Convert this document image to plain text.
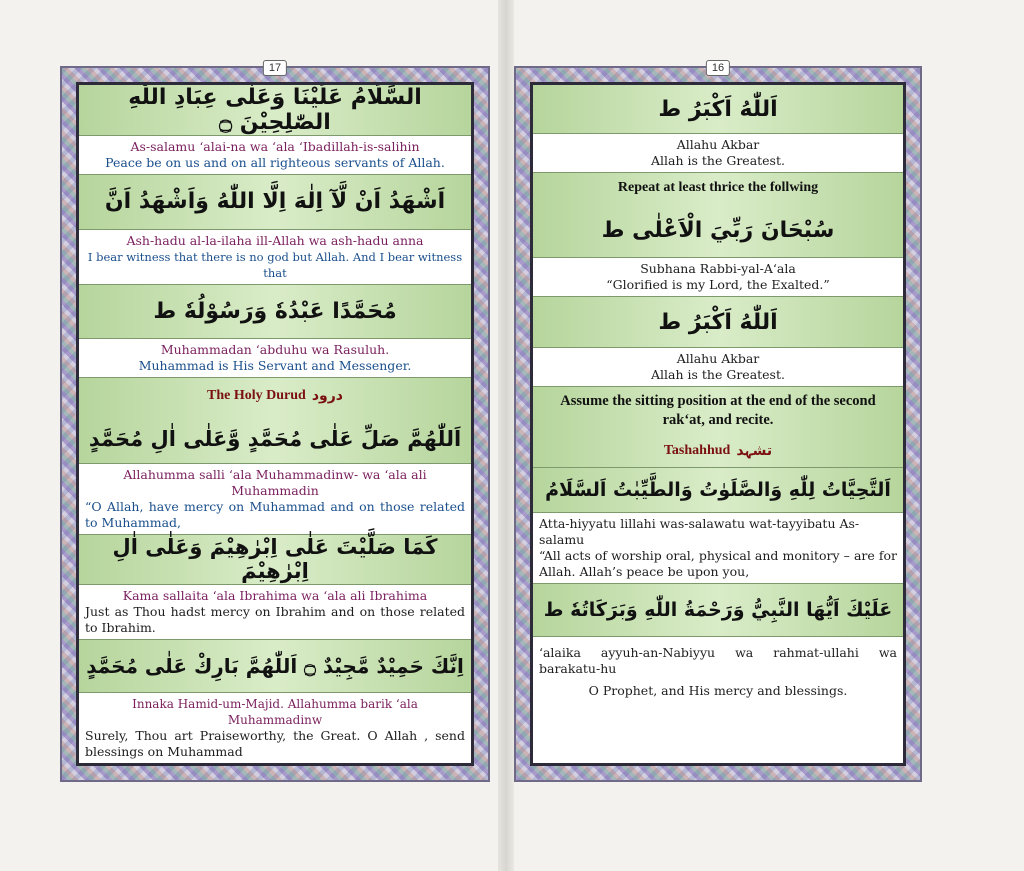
17
السَّلَامُ عَلَيْنَا وَعَلٰى عِبَادِ اللّٰهِ الصّٰلِحِيْنَ ۝
As-salamu ‘alai-na wa ‘ala ‘Ibadillah-is-salihin
Peace be on us and on all righteous servants of Allah.
اَشْهَدُ اَنْ لَّآ اِلٰهَ اِلَّا اللّٰهُ وَاَشْهَدُ اَنَّ
Ash-hadu al-la-ilaha ill-Allah wa ash-hadu anna
I bear witness that there is no god but Allah. And I bear witness that
مُحَمَّدًا عَبْدُهٗ وَرَسُوْلُهٗ ط
Muhammadan ‘abduhu wa Rasuluh.
Muhammad is His Servant and Messenger.
The Holy Durud درود
اَللّٰهُمَّ صَلِّ عَلٰى مُحَمَّدٍ وَّعَلٰى اٰلِ مُحَمَّدٍ
Allahumma salli ‘ala Muhammadinw- wa ‘ala ali Muhammadin
“O Allah, have mercy on Muhammad and on those related to Muhammad,
كَمَا صَلَّيْتَ عَلٰى اِبْرٰهِيْمَ وَعَلٰى اٰلِ اِبْرٰهِيْمَ
Kama sallaita ‘ala Ibrahima wa ‘ala ali Ibrahima
Just as Thou hadst mercy on Ibrahim and on those related to Ibrahim.
اِنَّكَ حَمِيْدٌ مَّجِيْدٌ ۝ اَللّٰهُمَّ بَارِكْ عَلٰى مُحَمَّدٍ
Innaka Hamid-um-Majid. Allahumma barik ‘ala Muhammadinw
Surely, Thou art Praiseworthy, the Great. O Allah , send blessings on Muhammad
16
اَللّٰهُ اَكْبَرُ ط
Allahu Akbar
Allah is the Greatest.
Repeat at least thrice the follwing
سُبْحَانَ رَبِّيَ الْاَعْلٰى ط
Subhana Rabbi-yal-A‘ala
“Glorified is my Lord, the Exalted.”
اَللّٰهُ اَكْبَرُ ط
Allahu Akbar
Allah is the Greatest.
Assume the sitting position at the end of the second rak‘at, and recite.
Tashahhud تشہد
اَلتَّحِيَّاتُ لِلّٰهِ وَالصَّلَوٰتُ وَالطَّيِّبٰتُ اَلسَّلَامُ
Atta-hiyyatu lillahi was-salawatu wat-tayyibatu As-salamu
“All acts of worship oral, physical and monitory – are for Allah. Allah’s peace be upon you,
عَلَيْكَ اَيُّهَا النَّبِيُّ وَرَحْمَةُ اللّٰهِ وَبَرَكَاتُهٗ ط
‘alaika ayyuh-an-Nabiyyu wa rahmat-ullahi wa barakatu-hu
O Prophet, and His mercy and blessings.
